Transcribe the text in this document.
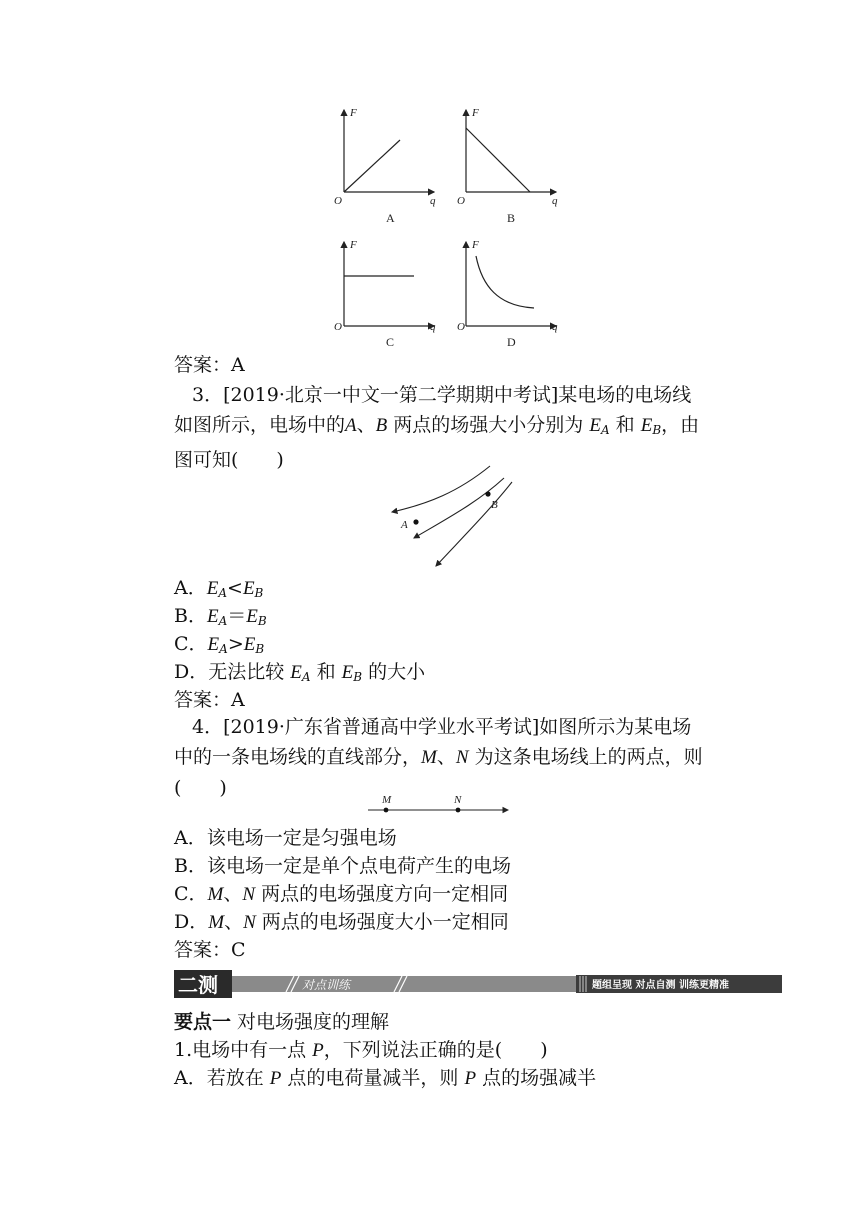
F
q
O
A
F
q
O
B
F
q
O
C
F
q
O
D
答案：A
3．[2019·北京一中文一第二学期期中考试]某电场的电场线
如图所示，电场中的A、B 两点的场强大小分别为 $E_A$ 和 $E_B$，由
图可知(　　)
A
B
A．$E_A<E_B$
B．$E_A=E_B$
C．$E_A>E_B$
D．无法比较 $E_A$ 和 $E_B$ 的大小
答案：A
4．[2019·广东省普通高中学业水平考试]如图所示为某电场
中的一条电场线的直线部分，M、N 为这条电场线上的两点，则
(　　)
M	N
A．该电场一定是匀强电场
B．该电场一定是单个点电荷产生的电场
C．M、N 两点的电场强度方向一定相同
D．M、N 两点的电场强度大小一定相同
答案：C
二测	对点训练	题组呈现 对点自测 训练更精准
要点一 对电场强度的理解
1.电场中有一点 P，下列说法正确的是(　　)
A．若放在 P 点的电荷量减半，则 P 点的场强减半
